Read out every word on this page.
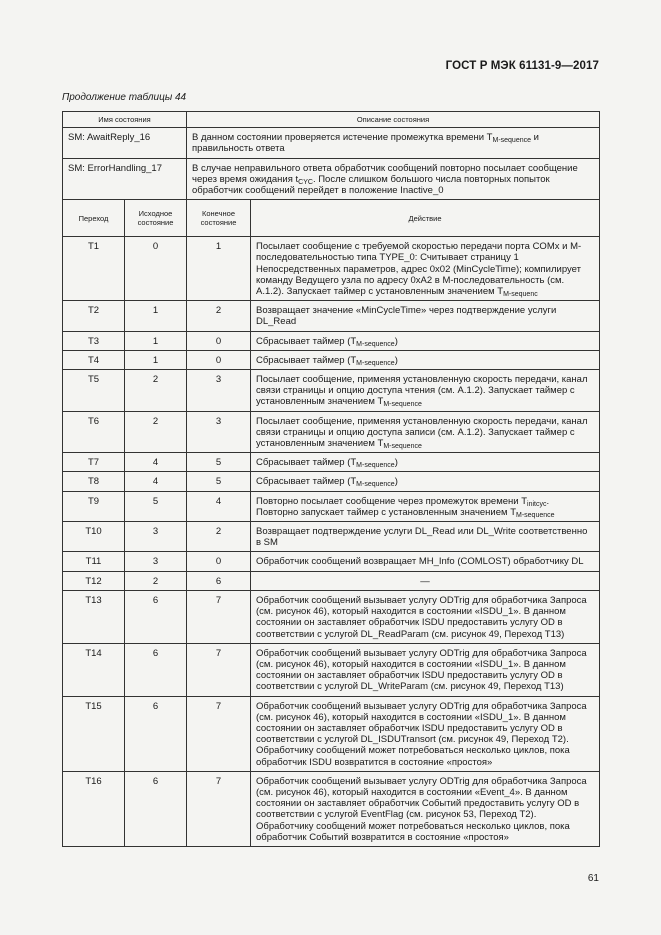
ГОСТ Р МЭК 61131-9—2017
Продолжение таблицы 44
Имя состояния		Описание состояния	
SM: AwaitReply_16		В данном состоянии проверяется истечение промежутка времени $T_{M-sequence}$ и правильность ответа	
SM: ErrorHandling_17		В случае неправильного ответа обработчик сообщений повторно посылает сообщение через время ожидания $t_{CYC}$. После слишком большого числа повторных попыток обработчик сообщений перейдет в положение Inactive_0	
Переход	Исходное состояние	Конечное состояние	Действие
T1	0	1	Посылает сообщение с требуемой скоростью передачи порта COMx и M-последовательностью типа TYPE_0: Считывает страницу 1 Непосредственных параметров, адрес 0x02 (MinCycleTime); компилирует команду Ведущего узла по адресу 0xA2 в M-последовательность (см. A.1.2). Запускает таймер с установленным значением $T_{M-sequenc}$
T2	1	2	Возвращает значение «MinCycleTime» через подтверждение услуги DL_Read
T3	1	0	Сбрасывает таймер $(T_{M-sequence})$
T4	1	0	Сбрасывает таймер $(T_{M-sequence})$
T5	2	3	Посылает сообщение, применяя установленную скорость передачи, канал связи страницы и опцию доступа чтения (см. A.1.2). Запускает таймер с установленным значением $T_{M-sequence}$
T6	2	3	Посылает сообщение, применяя установленную скорость передачи, канал связи страницы и опцию доступа записи (см. A.1.2). Запускает таймер с установленным значением $T_{M-sequence}$
T7	4	5	Сбрасывает таймер $(T_{M-sequence})$
T8	4	5	Сбрасывает таймер $(T_{M-sequence})$
T9	5	4	Повторно посылает сообщение через промежуток времени $T_{initcyc}$. Повторно запускает таймер с установленным значением $T_{M-sequence}$
T10	3	2	Возвращает подтверждение услуги DL_Read или DL_Write соответственно в SM
T11	3	0	Обработчик сообщений возвращает MH_Info (COMLOST) обработчику DL
T12	2	6	—
T13	6	7	Обработчик сообщений вызывает услугу ODTrig для обработчика Запроса (см. рисунок 46), который находится в состоянии «ISDU_1». В данном состоянии он заставляет обработчик ISDU предоставить услугу OD в соответствии с услугой DL_ReadParam (см. рисунок 49, Переход T13)
T14	6	7	Обработчик сообщений вызывает услугу ODTrig для обработчика Запроса (см. рисунок 46), который находится в состоянии «ISDU_1». В данном состоянии он заставляет обработчик ISDU предоставить услугу OD в соответствии с услугой DL_WriteParam (см. рисунок 49, Переход T13)
T15	6	7	Обработчик сообщений вызывает услугу ODTrig для обработчика Запроса (см. рисунок 46), который находится в состоянии «ISDU_1». В данном состоянии он заставляет обработчик ISDU предоставить услугу OD в соответствии с услугой DL_ISDUTransort (см. рисунок 49, Переход T2). Обработчику сообщений может потребоваться несколько циклов, пока обработчик ISDU возвратится в состояние «простоя»
T16	6	7	Обработчик сообщений вызывает услугу ODTrig для обработчика Запроса (см. рисунок 46), который находится в состоянии «Event_4». В данном состоянии он заставляет обработчик Событий предоставить услугу OD в соответствии с услугой EventFlag (см. рисунок 53, Переход T2). Обработчику сообщений может потребоваться несколько циклов, пока обработчик Событий возвратится в состояние «простоя»
61
